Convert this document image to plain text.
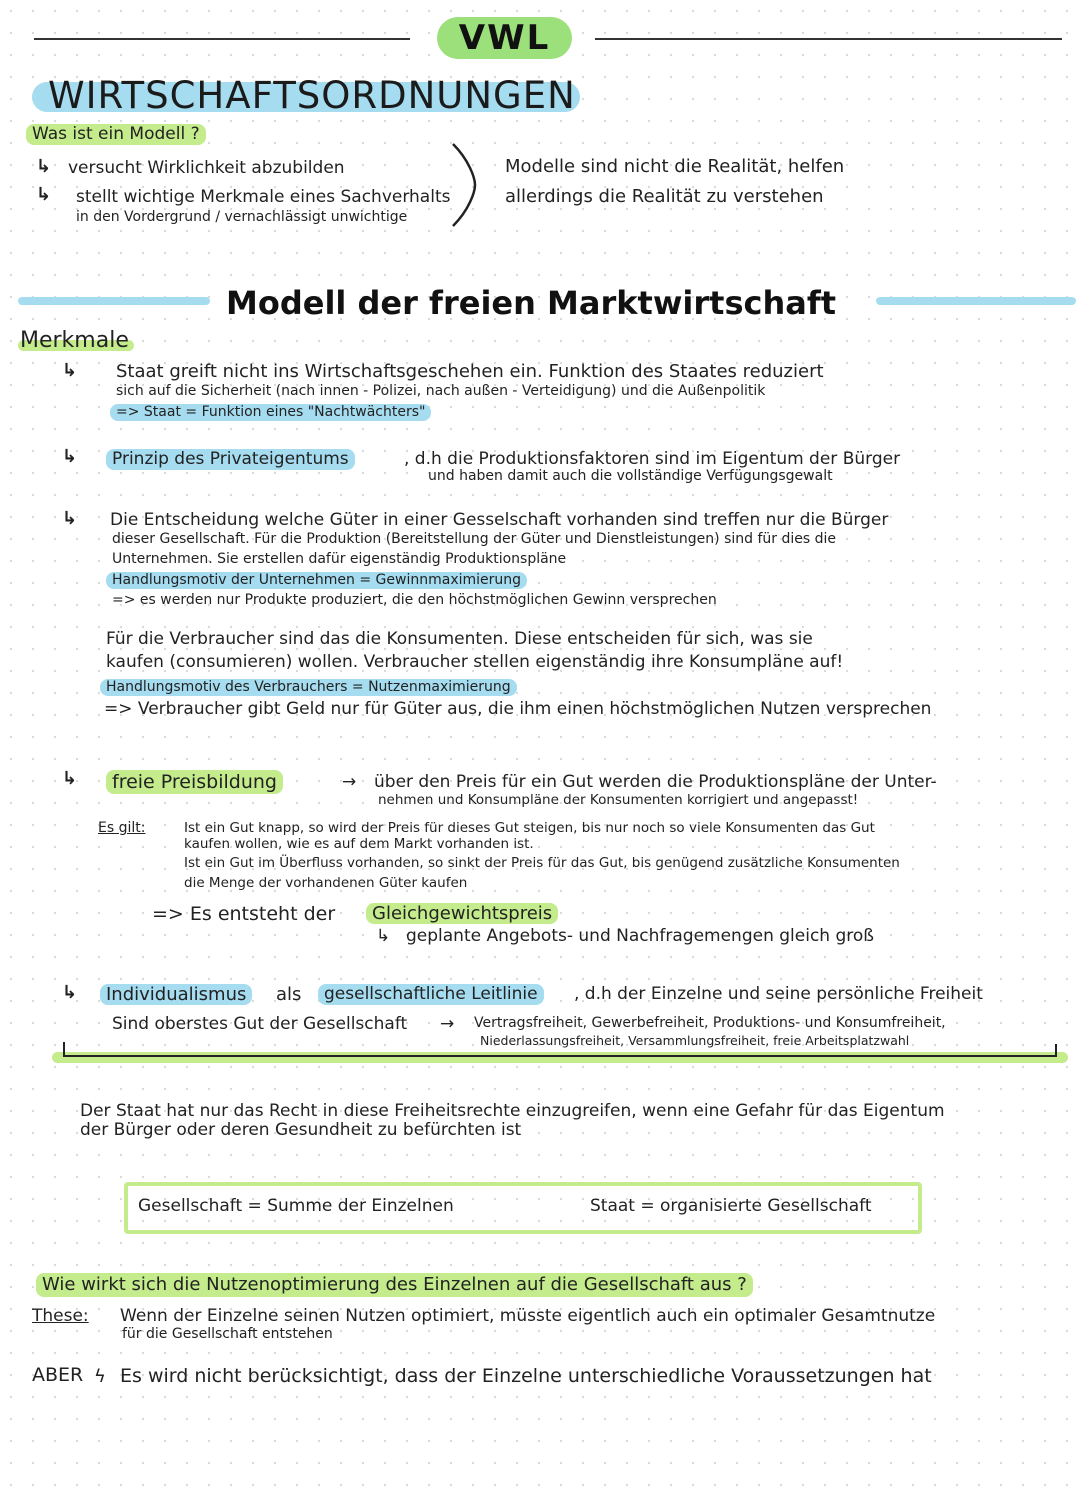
VWL
WIRTSCHAFTSORDNUNGEN
Was ist ein Modell ?
↳ versucht Wirklichkeit abzubilden
↳ stellt wichtige Merkmale eines Sachverhalts
in den Vordergrund / vernachlässigt unwichtige
Modelle sind nicht die Realität, helfen
allerdings die Realität zu verstehen
Modell der freien Marktwirtschaft
Merkmale
↳ Staat greift nicht ins Wirtschaftsgeschehen ein. Funktion des Staates reduziert
sich auf die Sicherheit (nach innen - Polizei, nach außen - Verteidigung) und die Außenpolitik
=> Staat = Funktion eines "Nachtwächters"
↳	Prinzip des Privateigentums	, d.h die Produktionsfaktoren sind im Eigentum der Bürger
und haben damit auch die vollständige Verfügungsgewalt
↳ Die Entscheidung welche Güter in einer Gesselschaft vorhanden sind treffen nur die Bürger
dieser Gesellschaft. Für die Produktion (Bereitstellung der Güter und Dienstleistungen) sind für dies die
Unternehmen. Sie erstellen dafür eigenständig Produktionspläne
Handlungsmotiv der Unternehmen = Gewinnmaximierung
=> es werden nur Produkte produziert, die den höchstmöglichen Gewinn versprechen
Für die Verbraucher sind das die Konsumenten. Diese entscheiden für sich, was sie
kaufen (consumieren) wollen. Verbraucher stellen eigenständig ihre Konsumpläne auf!
Handlungsmotiv des Verbrauchers = Nutzenmaximierung
=> Verbraucher gibt Geld nur für Güter aus, die ihm einen höchstmöglichen Nutzen versprechen
↳	freie Preisbildung	→ über den Preis für ein Gut werden die Produktionspläne der Unter-
nehmen und Konsumpläne der Konsumenten korrigiert und angepasst!
Es gilt:	Ist ein Gut knapp, so wird der Preis für dieses Gut steigen, bis nur noch so viele Konsumenten das Gut
kaufen wollen, wie es auf dem Markt vorhanden ist.
Ist ein Gut im Überfluss vorhanden, so sinkt der Preis für das Gut, bis genügend zusätzliche Konsumenten
die Menge der vorhandenen Güter kaufen
=> Es entsteht der	Gleichgewichtspreis
↳ geplante Angebots- und Nachfragemengen gleich groß
↳	Individualismus	als	gesellschaftliche Leitlinie	, d.h der Einzelne und seine persönliche Freiheit
Sind oberstes Gut der Gesellschaft → Vertragsfreiheit, Gewerbefreiheit, Produktions- und Konsumfreiheit,
Niederlassungsfreiheit, Versammlungsfreiheit, freie Arbeitsplatzwahl
Der Staat hat nur das Recht in diese Freiheitsrechte einzugreifen, wenn eine Gefahr für das Eigentum
der Bürger oder deren Gesundheit zu befürchten ist
Gesellschaft = Summe der Einzelnen	Staat = organisierte Gesellschaft
Wie wirkt sich die Nutzenoptimierung des Einzelnen auf die Gesellschaft aus ?
These: Wenn der Einzelne seinen Nutzen optimiert, müsste eigentlich auch ein optimaler Gesamtnutze
für die Gesellschaft entstehen
ABER ϟ Es wird nicht berücksichtigt, dass der Einzelne unterschiedliche Voraussetzungen hat
